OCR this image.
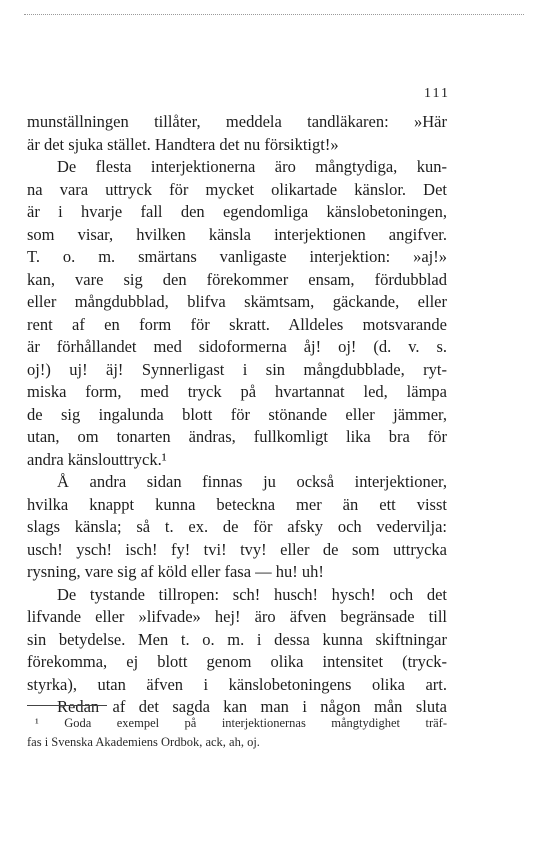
111
munställningen tillåter, meddela tandläkaren: »Här
är det sjuka stället. Handtera det nu försiktigt!»
De flesta interjektionerna äro mångtydiga, kun-
na vara uttryck för mycket olikartade känslor. Det
är i hvarje fall den egendomliga känslobetoningen,
som visar, hvilken känsla interjektionen angifver.
T. o. m. smärtans vanligaste interjektion: »aj!»
kan, vare sig den förekommer ensam, fördubblad
eller mångdubblad, blifva skämtsam, gäckande, eller
rent af en form för skratt. Alldeles motsvarande
är förhållandet med sidoformerna åj! oj! (d. v. s.
oj!) uj! äj! Synnerligast i sin mångdubblade, ryt-
miska form, med tryck på hvartannat led, lämpa
de sig ingalunda blott för stönande eller jämmer,
utan, om tonarten ändras, fullkomligt lika bra för
andra känslouttryck.¹
Å andra sidan finnas ju också interjektioner,
hvilka knappt kunna beteckna mer än ett visst
slags känsla; så t. ex. de för afsky och vedervilja:
usch! ysch! isch! fy! tvi! tvy! eller de som uttrycka
rysning, vare sig af köld eller fasa — hu! uh!
De tystande tillropen: sch! husch! hysch! och det
lifvande eller »lifvade» hej! äro äfven begränsade till
sin betydelse. Men t. o. m. i dessa kunna skiftningar
förekomma, ej blott genom olika intensitet (tryck-
styrka), utan äfven i känslobetoningens olika art.
Redan af det sagda kan man i någon mån sluta
¹ Goda exempel på interjektionernas mångtydighet träf-
fas i Svenska Akademiens Ordbok, ack, ah, oj.
